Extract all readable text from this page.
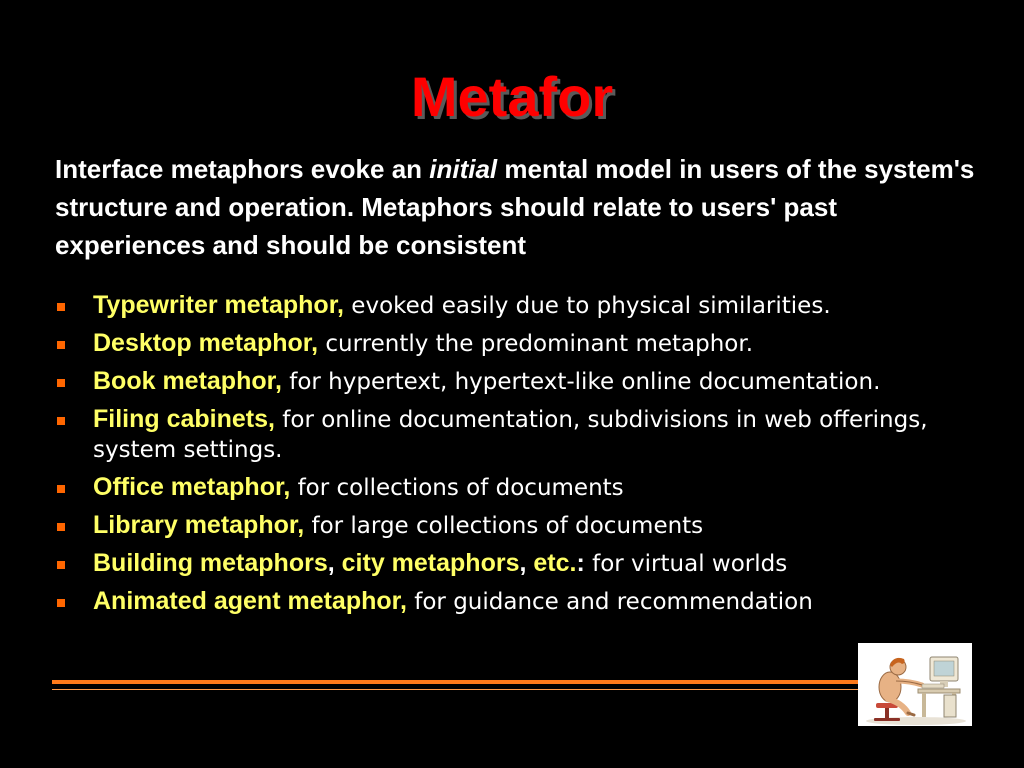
Metafor

Interface metaphors evoke an initial mental model in users of the system's structure and operation. Metaphors should relate to users' past experiences and should be consistent

Typewriter metaphor, evoked easily due to physical similarities.
Desktop metaphor, currently the predominant metaphor.
Book metaphor, for hypertext, hypertext-like online documentation.
Filing cabinets, for online documentation, subdivisions in web offerings, system settings.
Office metaphor, for collections of documents
Library metaphor, for large collections of documents
Building metaphors, city metaphors, etc.: for virtual worlds
Animated agent metaphor, for guidance and recommendation
